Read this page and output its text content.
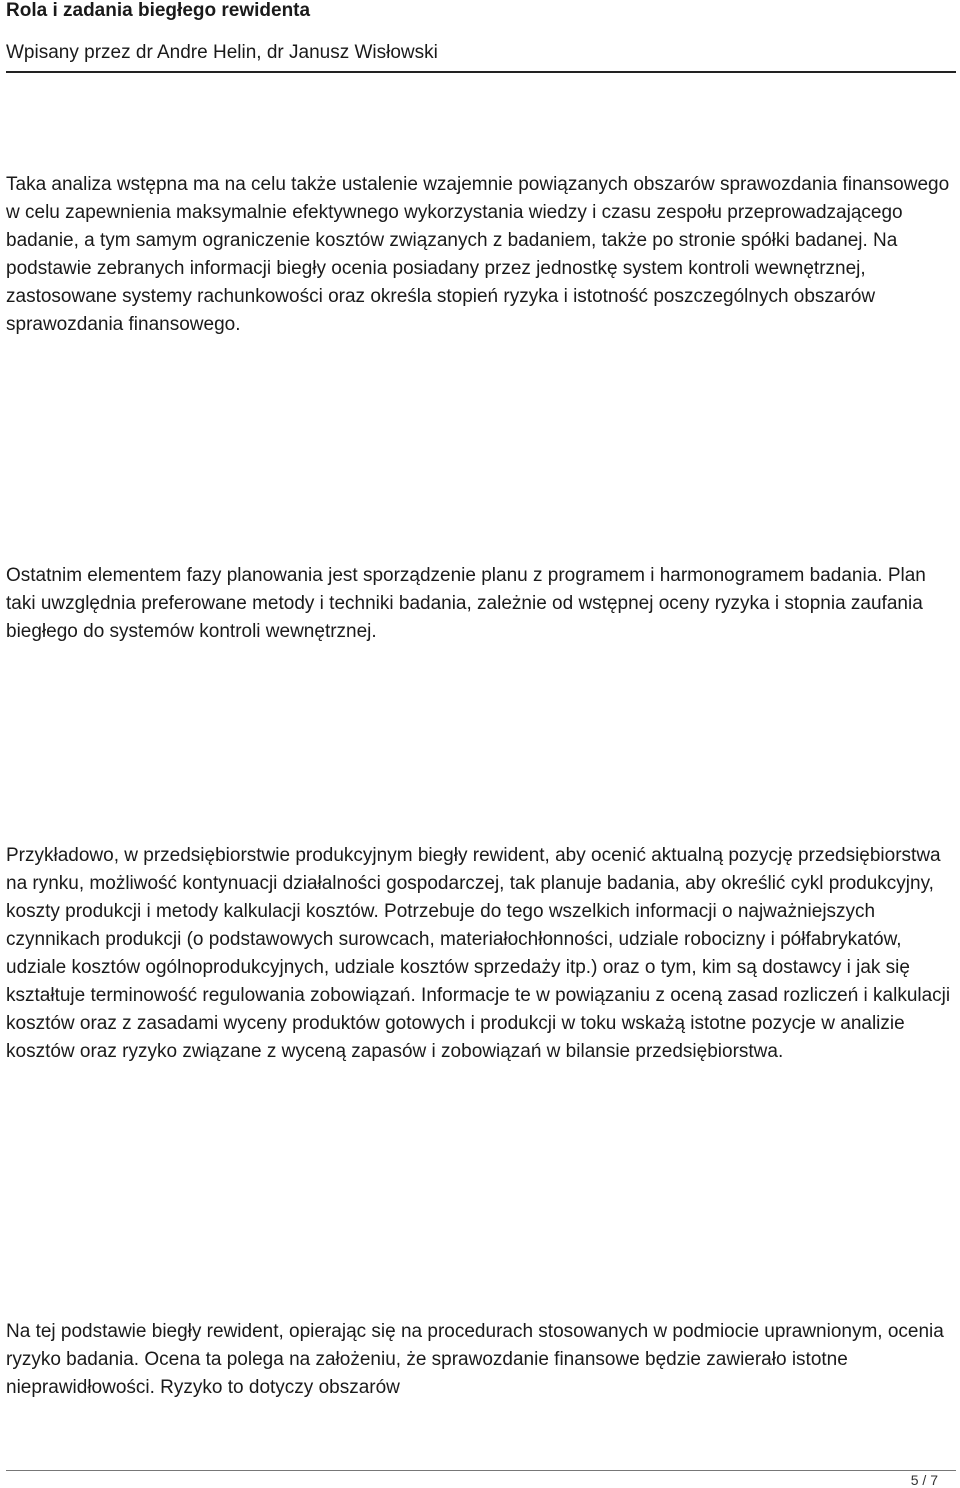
Rola i zadania biegłego rewidenta
Wpisany przez dr Andre Helin, dr Janusz Wisłowski

Taka analiza wstępna ma na celu także ustalenie wzajemnie powiązanych obszarów sprawozdania finansowego w celu zapewnienia maksymalnie efektywnego wykorzystania wiedzy i czasu zespołu przeprowadzającego badanie, a tym samym ograniczenie kosztów związanych z badaniem, także po stronie spółki badanej. Na podstawie zebranych informacji biegły ocenia posiadany przez jednostkę system kontroli wewnętrznej, zastosowane systemy rachunkowości oraz określa stopień ryzyka i istotność poszczególnych obszarów sprawozdania finansowego.

Ostatnim elementem fazy planowania jest sporządzenie planu z programem i harmonogramem badania. Plan taki uwzględnia preferowane metody i techniki badania, zależnie od wstępnej oceny ryzyka i stopnia zaufania biegłego do systemów kontroli wewnętrznej.

Przykładowo, w przedsiębiorstwie produkcyjnym biegły rewident, aby ocenić aktualną pozycję przedsiębiorstwa na rynku, możliwość kontynuacji działalności gospodarczej, tak planuje badania, aby określić cykl produkcyjny, koszty produkcji i metody kalkulacji kosztów. Potrzebuje do tego wszelkich informacji o najważniejszych czynnikach produkcji (o podstawowych surowcach, materiałochłonności, udziale robocizny i półfabrykatów, udziale kosztów ogólnoprodukcyjnych, udziale kosztów sprzedaży itp.) oraz o tym, kim są dostawcy i jak się kształtuje terminowość regulowania zobowiązań. Informacje te w powiązaniu z oceną zasad rozliczeń i kalkulacji kosztów oraz z zasadami wyceny produktów gotowych i produkcji w toku wskażą istotne pozycje w analizie kosztów oraz ryzyko związane z wyceną zapasów i zobowiązań w bilansie przedsiębiorstwa.

Na tej podstawie biegły rewident, opierając się na procedurach stosowanych w podmiocie uprawnionym, ocenia ryzyko badania. Ocena ta polega na założeniu, że sprawozdanie finansowe będzie zawierało istotne nieprawidłowości. Ryzyko to dotyczy obszarów

5 / 7
